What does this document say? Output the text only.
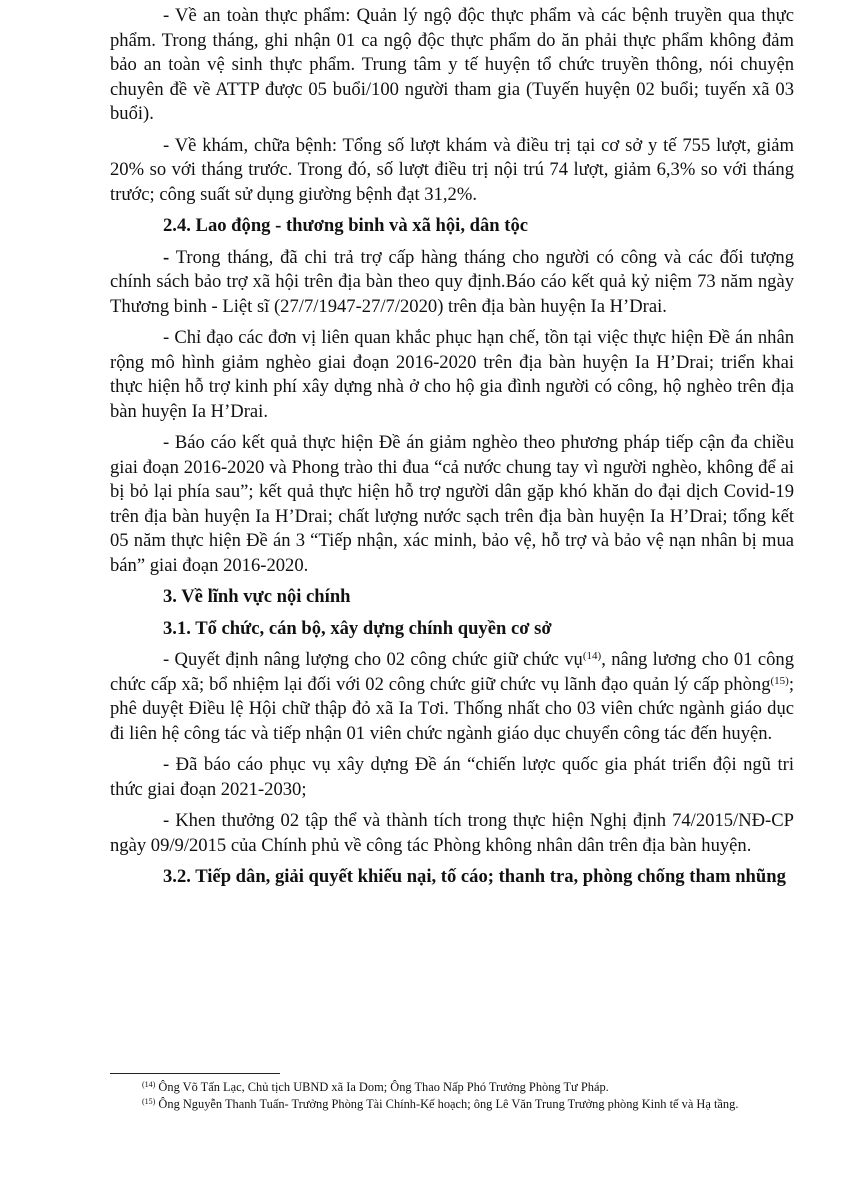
- Về an toàn thực phẩm: Quản lý ngộ độc thực phẩm và các bệnh truyền qua thực phẩm. Trong tháng, ghi nhận 01 ca ngộ độc thực phẩm do ăn phải thực phẩm không đảm bảo an toàn vệ sinh thực phẩm. Trung tâm y tế huyện tổ chức truyền thông, nói chuyện chuyên đề về ATTP được 05 buổi/100 người tham gia (Tuyến huyện 02 buổi; tuyến xã 03 buổi).

- Về khám, chữa bệnh: Tổng số lượt khám và điều trị tại cơ sở y tế 755 lượt, giảm 20% so với tháng trước. Trong đó, số lượt điều trị nội trú 74 lượt, giảm 6,3% so với tháng trước; công suất sử dụng giường bệnh đạt 31,2%.

2.4. Lao động - thương binh và xã hội, dân tộc

- Trong tháng, đã chi trả trợ cấp hàng tháng cho người có công và các đối tượng chính sách bảo trợ xã hội trên địa bàn theo quy định.Báo cáo kết quả kỷ niệm 73 năm ngày Thương binh - Liệt sĩ (27/7/1947-27/7/2020) trên địa bàn huyện Ia H’Drai.

- Chỉ đạo các đơn vị liên quan khắc phục hạn chế, tồn tại việc thực hiện Đề án nhân rộng mô hình giảm nghèo giai đoạn 2016-2020 trên địa bàn huyện Ia H’Drai; triển khai thực hiện hỗ trợ kinh phí xây dựng nhà ở cho hộ gia đình người có công, hộ nghèo trên địa bàn huyện Ia H’Drai.

- Báo cáo kết quả thực hiện Đề án giảm nghèo theo phương pháp tiếp cận đa chiều giai đoạn 2016-2020 và Phong trào thi đua “cả nước chung tay vì người nghèo, không để ai bị bỏ lại phía sau”; kết quả thực hiện hỗ trợ người dân gặp khó khăn do đại dịch Covid-19 trên địa bàn huyện Ia H’Drai; chất lượng nước sạch trên địa bàn huyện Ia H’Drai; tổng kết 05 năm thực hiện Đề án 3 “Tiếp nhận, xác minh, bảo vệ, hỗ trợ và bảo vệ nạn nhân bị mua bán” giai đoạn 2016-2020.

3. Về lĩnh vực nội chính
3.1. Tổ chức, cán bộ, xây dựng chính quyền cơ sở

- Quyết định nâng lượng cho 02 công chức giữ chức vụ$^{(14)}$, nâng lương cho 01 công chức cấp xã; bổ nhiệm lại đối với 02 công chức giữ chức vụ lãnh đạo quản lý cấp phòng$^{(15)}$; phê duyệt Điều lệ Hội chữ thập đỏ xã Ia Tơi. Thống nhất cho 03 viên chức ngành giáo dục đi liên hệ công tác và tiếp nhận 01 viên chức ngành giáo dục chuyển công tác đến huyện.

- Đã báo cáo phục vụ xây dựng Đề án “chiến lược quốc gia phát triển đội ngũ tri thức giai đoạn 2021-2030;

- Khen thưởng 02 tập thể và thành tích trong thực hiện Nghị định 74/2015/NĐ-CP ngày 09/9/2015 của Chính phủ về công tác Phòng không nhân dân trên địa bàn huyện.

3.2. Tiếp dân, giải quyết khiếu nại, tố cáo; thanh tra, phòng chống tham nhũng

$^{(14)}$ Ông Võ Tấn Lạc, Chủ tịch UBND xã Ia Dom; Ông Thao Nấp Phó Trưởng Phòng Tư Pháp.

$^{(15)}$ Ông Nguyễn Thanh Tuấn- Trưởng Phòng Tài Chính-Kế hoạch; ông Lê Văn Trung Trưởng phòng Kinh tế và Hạ tầng.
